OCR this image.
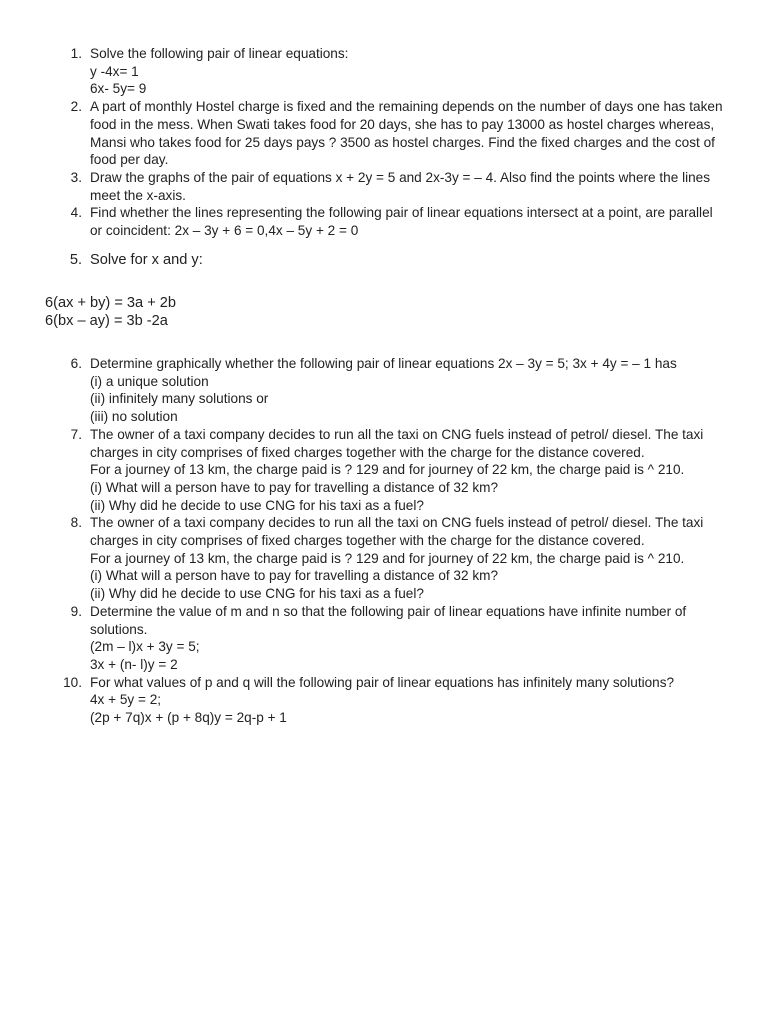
1. Solve the following pair of linear equations:
y -4x= 1
6x- 5y= 9
2. A part of monthly Hostel charge is fixed and the remaining depends on the number of days one has taken food in the mess. When Swati takes food for 20 days, she has to pay 13000 as hostel charges whereas, Mansi who takes food for 25 days pays ? 3500 as hostel charges. Find the fixed charges and the cost of food per day.
3. Draw the graphs of the pair of equations x + 2y = 5 and 2x-3y = – 4. Also find the points where the lines meet the x-axis.
4. Find whether the lines representing the following pair of linear equations intersect at a point, are parallel or coincident: 2x – 3y + 6 = 0,4x – 5y + 2 = 0
5. Solve for x and y:
6(ax + by) = 3a + 2b
6(bx – ay) = 3b -2a
6. Determine graphically whether the following pair of linear equations 2x – 3y = 5; 3x + 4y = – 1 has
(i) a unique solution
(ii) infinitely many solutions or
(iii) no solution
7. The owner of a taxi company decides to run all the taxi on CNG fuels instead of petrol/ diesel. The taxi charges in city comprises of fixed charges together with the charge for the distance covered.
For a journey of 13 km, the charge paid is ? 129 and for journey of 22 km, the charge paid is ^ 210.
(i) What will a person have to pay for travelling a distance of 32 km?
(ii) Why did he decide to use CNG for his taxi as a fuel?
8. The owner of a taxi company decides to run all the taxi on CNG fuels instead of petrol/ diesel. The taxi charges in city comprises of fixed charges together with the charge for the distance covered.
For a journey of 13 km, the charge paid is ? 129 and for journey of 22 km, the charge paid is ^ 210.
(i) What will a person have to pay for travelling a distance of 32 km?
(ii) Why did he decide to use CNG for his taxi as a fuel?
9. Determine the value of m and n so that the following pair of linear equations have infinite number of solutions.
(2m – l)x + 3y = 5;
3x + (n- l)y = 2
10. For what values of p and q will the following pair of linear equations has infinitely many solutions?
4x + 5y = 2;
(2p + 7q)x + (p + 8q)y = 2q-p + 1
